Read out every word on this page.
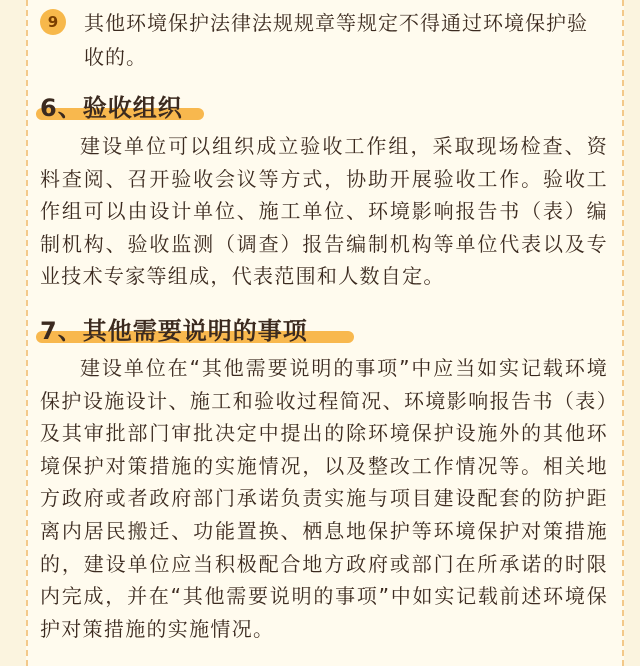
9	其他环境保护法律法规规章等规定不得通过环境保护验收的。
6、验收组织
建设单位可以组织成立验收工作组，采取现场检查、资料查阅、召开验收会议等方式，协助开展验收工作。验收工作组可以由设计单位、施工单位、环境影响报告书（表）编制机构、验收监测（调查）报告编制机构等单位代表以及专业技术专家等组成，代表范围和人数自定。
7、其他需要说明的事项
建设单位在“其他需要说明的事项”中应当如实记载环境保护设施设计、施工和验收过程简况、环境影响报告书（表）及其审批部门审批决定中提出的除环境保护设施外的其他环境保护对策措施的实施情况，以及整改工作情况等。相关地方政府或者政府部门承诺负责实施与项目建设配套的防护距离内居民搬迁、功能置换、栖息地保护等环境保护对策措施的，建设单位应当积极配合地方政府或部门在所承诺的时限内完成，并在“其他需要说明的事项”中如实记载前述环境保护对策措施的实施情况。
